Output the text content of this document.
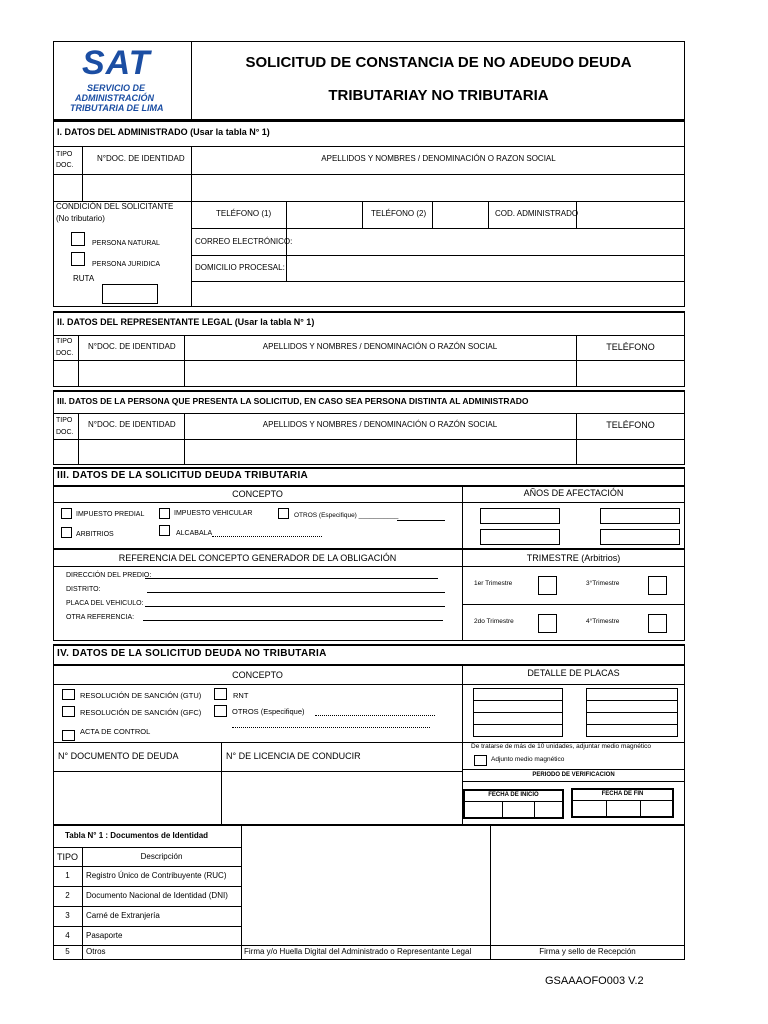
SAT
SERVICIO DE
ADMINISTRACIÓN
TRIBUTARIA DE LIMA
SOLICITUD DE CONSTANCIA DE NO ADEUDO DEUDA
TRIBUTARIAY NO TRIBUTARIA
I. DATOS DEL ADMINISTRADO (Usar la tabla N° 1)
TIPO
DOC.
N°DOC. DE IDENTIDAD	APELLIDOS Y NOMBRES / DENOMINACIÓN O RAZON SOCIAL
CONDICIÓN DEL SOLICITANTE
(No tributario)
TELÉFONO (1)	TELÉFONO (2)	COD. ADMINISTRADO
CORREO ELECTRÓNICO:
DOMICILIO PROCESAL:
PERSONA NATURAL
PERSONA JURIDICA
RUTA
II. DATOS DEL REPRESENTANTE LEGAL (Usar la tabla N° 1)
TIPO
DOC.
N°DOC. DE IDENTIDAD	APELLIDOS Y NOMBRES / DENOMINACIÓN O RAZÓN SOCIAL	TELÉFONO
III. DATOS DE LA PERSONA QUE PRESENTA LA SOLICITUD, EN CASO SEA PERSONA DISTINTA AL ADMINISTRADO
TIPO
DOC.
N°DOC. DE IDENTIDAD	APELLIDOS Y NOMBRES / DENOMINACIÓN O RAZÓN SOCIAL	TELÉFONO
III. DATOS DE LA SOLICITUD DEUDA TRIBUTARIA
CONCEPTO	AÑOS DE AFECTACIÓN
IMPUESTO PREDIAL	IMPUESTO VEHICULAR	OTROS (Especifique) ___________
ARBITRIOS	ALCABALA
REFERENCIA DEL CONCEPTO GENERADOR DE LA OBLIGACIÓN	TRIMESTRE (Arbitrios)
DIRECCIÓN DEL PREDIO:
DISTRITO:
PLACA DEL VEHICULO:
OTRA REFERENCIA:
1er Trimestre	3°Trimestre
2do Trimestre	4°Trimestre
IV. DATOS DE LA SOLICITUD DEUDA NO TRIBUTARIA
CONCEPTO	DETALLE DE PLACAS
RESOLUCIÓN DE SANCIÓN (GTU)	RNT
RESOLUCIÓN DE SANCIÓN (GFC)	OTROS (Especifique)
ACTA DE CONTROL
N° DOCUMENTO DE DEUDA	N° DE LICENCIA DE CONDUCIR
De tratarse de más de 10 unidades, adjuntar medio magnético
Adjunto medio magnético
PERIODO DE VERIFICACION
FECHA DE INICIO	FECHA DE FIN
Tabla N° 1 : Documentos de Identidad
TIPO	Descripción
1	Registro Único de Contribuyente (RUC)
2	Documento Nacional de Identidad (DNI)
3	Carné de Extranjería
4	Pasaporte
5	Otros	Firma y/o Huella Digital del Administrado o Representante Legal	Firma y sello de Recepción
GSAAAOFO003 V.2
